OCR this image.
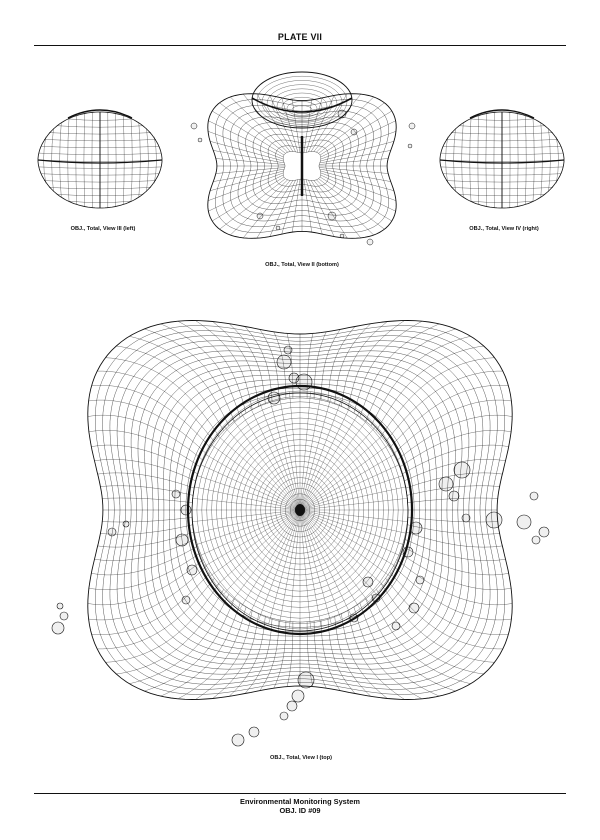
PLATE VII
OBJ., Total, View III (left)
OBJ., Total, View II (bottom)
OBJ., Total, View IV (right)
OBJ., Total, View I (top)
Environmental Monitoring System
OBJ. ID #09
